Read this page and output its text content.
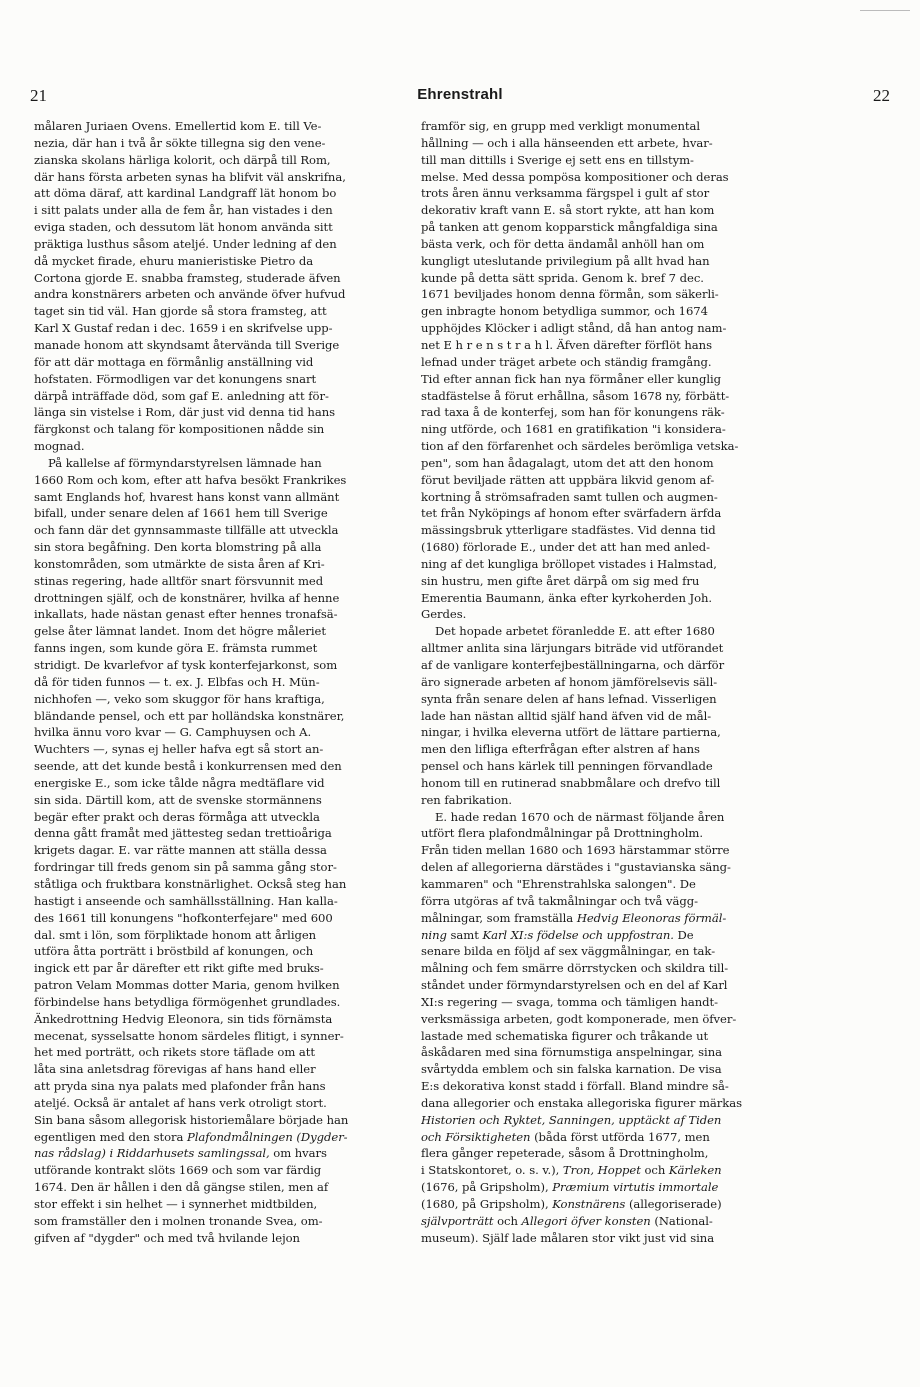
21	Ehrenstrahl	22
målaren Juriaen Ovens. Emellertid kom E. till Ve-
nezia, där han i två år sökte tillegna sig den vene-
zianska skolans härliga kolorit, och därpå till Rom,
där hans första arbeten synas ha blifvit väl anskrifna,
att döma däraf, att kardinal Landgraff lät honom bo
i sitt palats under alla de fem år, han vistades i den
eviga staden, och dessutom lät honom använda sitt
präktiga lusthus såsom ateljé. Under ledning af den
då mycket firade, ehuru manieristiske Pietro da
Cortona gjorde E. snabba framsteg, studerade äfven
andra konstnärers arbeten och använde öfver hufvud
taget sin tid väl. Han gjorde så stora framsteg, att
Karl X Gustaf redan i dec. 1659 i en skrifvelse upp-
manade honom att skyndsamt återvända till Sverige
för att där mottaga en förmånlig anställning vid
hofstaten. Förmodligen var det konungens snart
därpå inträffade död, som gaf E. anledning att för-
länga sin vistelse i Rom, där just vid denna tid hans
färgkonst och talang för kompositionen nådde sin
mognad.
På kallelse af förmyndarstyrelsen lämnade han
1660 Rom och kom, efter att hafva besökt Frankrikes
samt Englands hof, hvarest hans konst vann allmänt
bifall, under senare delen af 1661 hem till Sverige
och fann där det gynnsammaste tillfälle att utveckla
sin stora begåfning. Den korta blomstring på alla
konstområden, som utmärkte de sista åren af Kri-
stinas regering, hade alltför snart försvunnit med
drottningen själf, och de konstnärer, hvilka af henne
inkallats, hade nästan genast efter hennes tronafsä-
gelse åter lämnat landet. Inom det högre måleriet
fanns ingen, som kunde göra E. främsta rummet
stridigt. De kvarlefvor af tysk konterfejarkonst, som
då för tiden funnos — t. ex. J. Elbfas och H. Mün-
nichhofen —, veko som skuggor för hans kraftiga,
bländande pensel, och ett par holländska konstnärer,
hvilka ännu voro kvar — G. Camphuysen och A.
Wuchters —, synas ej heller hafva egt så stort an-
seende, att det kunde bestå i konkurrensen med den
energiske E., som icke tålde några medtäflare vid
sin sida. Därtill kom, att de svenske stormännens
begär efter prakt och deras förmåga att utveckla
denna gått framåt med jättesteg sedan trettioåriga
krigets dagar. E. var rätte mannen att ställa dessa
fordringar till freds genom sin på samma gång stor-
ståtliga och fruktbara konstnärlighet. Också steg han
hastigt i anseende och samhällsställning. Han kalla-
des 1661 till konungens "hofkonterfejare" med 600
dal. smt i lön, som förpliktade honom att årligen
utföra åtta porträtt i bröstbild af konungen, och
ingick ett par år därefter ett rikt gifte med bruks-
patron Velam Mommas dotter Maria, genom hvilken
förbindelse hans betydliga förmögenhet grundlades.
Änkedrottning Hedvig Eleonora, sin tids förnämsta
mecenat, sysselsatte honom särdeles flitigt, i synner-
het med porträtt, och rikets store täflade om att
låta sina anletsdrag förevigas af hans hand eller
att pryda sina nya palats med plafonder från hans
ateljé. Också är antalet af hans verk otroligt stort.
Sin bana såsom allegorisk historiemålare började han
egentligen med den stora Plafondmålningen (Dygder-
nas rådslag) i Riddarhusets samlingssal, om hvars
utförande kontrakt slöts 1669 och som var färdig
1674. Den är hållen i den då gängse stilen, men af
stor effekt i sin helhet — i synnerhet midtbilden,
som framställer den i molnen tronande Svea, om-
gifven af "dygder" och med två hvilande lejon
framför sig, en grupp med verkligt monumental
hållning — och i alla hänseenden ett arbete, hvar-
till man dittills i Sverige ej sett ens en tillstym-
melse. Med dessa pompösa kompositioner och deras
trots åren ännu verksamma färgspel i gult af stor
dekorativ kraft vann E. så stort rykte, att han kom
på tanken att genom kopparstick mångfaldiga sina
bästa verk, och för detta ändamål anhöll han om
kungligt uteslutande privilegium på allt hvad han
kunde på detta sätt sprida. Genom k. bref 7 dec.
1671 beviljades honom denna förmån, som säkerli-
gen inbragte honom betydliga summor, och 1674
upphöjdes Klöcker i adligt stånd, då han antog nam-
net E h r e n s t r a h l. Äfven därefter förflöt hans
lefnad under träget arbete och ständig framgång.
Tid efter annan fick han nya förmåner eller kunglig
stadfästelse å förut erhållna, såsom 1678 ny, förbätt-
rad taxa å de konterfej, som han för konungens räk-
ning utförde, och 1681 en gratifikation "i konsidera-
tion af den förfarenhet och särdeles berömliga vetska-
pen", som han ådagalagt, utom det att den honom
förut beviljade rätten att uppbära likvid genom af-
kortning å strömsafraden samt tullen och augmen-
tet från Nyköpings af honom efter svärfadern ärfda
mässingsbruk ytterligare stadfästes. Vid denna tid
(1680) förlorade E., under det att han med anled-
ning af det kungliga bröllopet vistades i Halmstad,
sin hustru, men gifte året därpå om sig med fru
Emerentia Baumann, änka efter kyrkoherden Joh.
Gerdes.
Det hopade arbetet föranledde E. att efter 1680
alltmer anlita sina lärjungars biträde vid utförandet
af de vanligare konterfejbeställningarna, och därför
äro signerade arbeten af honom jämförelsevis säll-
synta från senare delen af hans lefnad. Visserligen
lade han nästan alltid själf hand äfven vid de mål-
ningar, i hvilka eleverna utfört de lättare partierna,
men den lifliga efterfrågan efter alstren af hans
pensel och hans kärlek till penningen förvandlade
honom till en rutinerad snabbmålare och drefvo till
ren fabrikation.
E. hade redan 1670 och de närmast följande åren
utfört flera plafondmålningar på Drottningholm.
Från tiden mellan 1680 och 1693 härstammar större
delen af allegorierna därstädes i "gustavianska säng-
kammaren" och "Ehrenstrahlska salongen". De
förra utgöras af två takmålningar och två vägg-
målningar, som framställa Hedvig Eleonoras förmäl-
ning samt Karl XI:s födelse och uppfostran. De
senare bilda en följd af sex väggmålningar, en tak-
målning och fem smärre dörrstycken och skildra till-
ståndet under förmyndarstyrelsen och en del af Karl
XI:s regering — svaga, tomma och tämligen handt-
verksmässiga arbeten, godt komponerade, men öfver-
lastade med schematiska figurer och tråkande ut
åskådaren med sina förnumstiga anspelningar, sina
svårtydda emblem och sin falska karnation. De visa
E:s dekorativa konst stadd i förfall. Bland mindre så-
dana allegorier och enstaka allegoriska figurer märkas
Historien och Ryktet, Sanningen, upptäckt af Tiden
och Försiktigheten (båda först utförda 1677, men
flera gånger repeterade, såsom å Drottningholm,
i Statskontoret, o. s. v.), Tron, Hoppet och Kärleken
(1676, på Gripsholm), Præmium virtutis immortale
(1680, på Gripsholm), Konstnärens (allegoriserade)
självporträtt och Allegori öfver konsten (National-
museum). Själf lade målaren stor vikt just vid sina
